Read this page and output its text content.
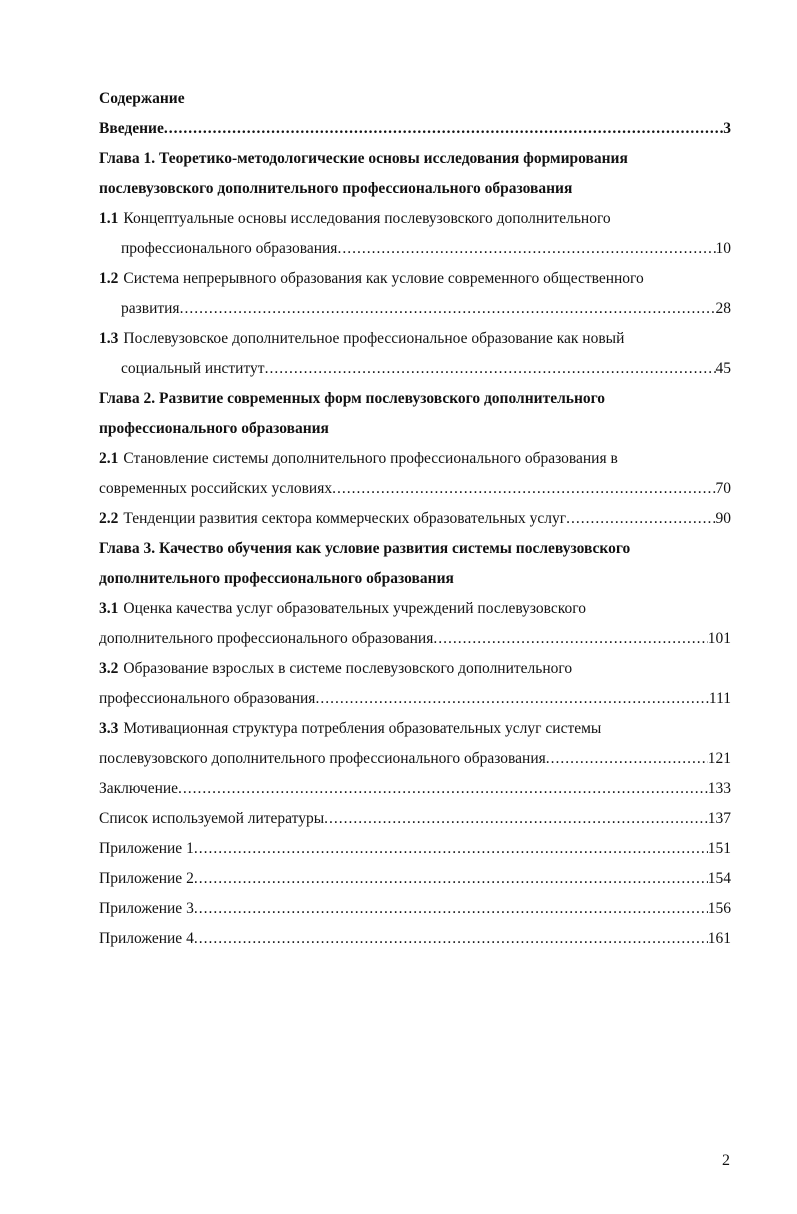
Содержание
Введение .....	3
Глава 1. Теоретико-методологические основы исследования формирования
послевузовского дополнительного профессионального образования
1.1 Концептуальные основы исследования послевузовского дополнительного
профессионального образования .....	10
1.2 Система непрерывного образования как условие современного общественного
развития .....	28
1.3 Послевузовское дополнительное профессиональное образование как новый
социальный институт .....	45
Глава 2. Развитие современных форм послевузовского дополнительного
профессионального образования
2.1 Становление системы дополнительного профессионального образования в
современных российских условиях .....	70
2.2 Тенденции развития сектора коммерческих образовательных услуг .....	90
Глава 3. Качество обучения как условие развития системы послевузовского
дополнительного профессионального образования
3.1 Оценка качества услуг образовательных учреждений послевузовского
дополнительного профессионального образования .....	101
3.2 Образование взрослых в системе послевузовского дополнительного
профессионального образования .....	111
3.3 Мотивационная структура потребления образовательных услуг системы
послевузовского дополнительного профессионального образования .....	121
Заключение .....	133
Список используемой литературы .....	137
Приложение 1 .....	151
Приложение 2 .....	154
Приложение 3 .....	156
Приложение 4 .....	161
2
